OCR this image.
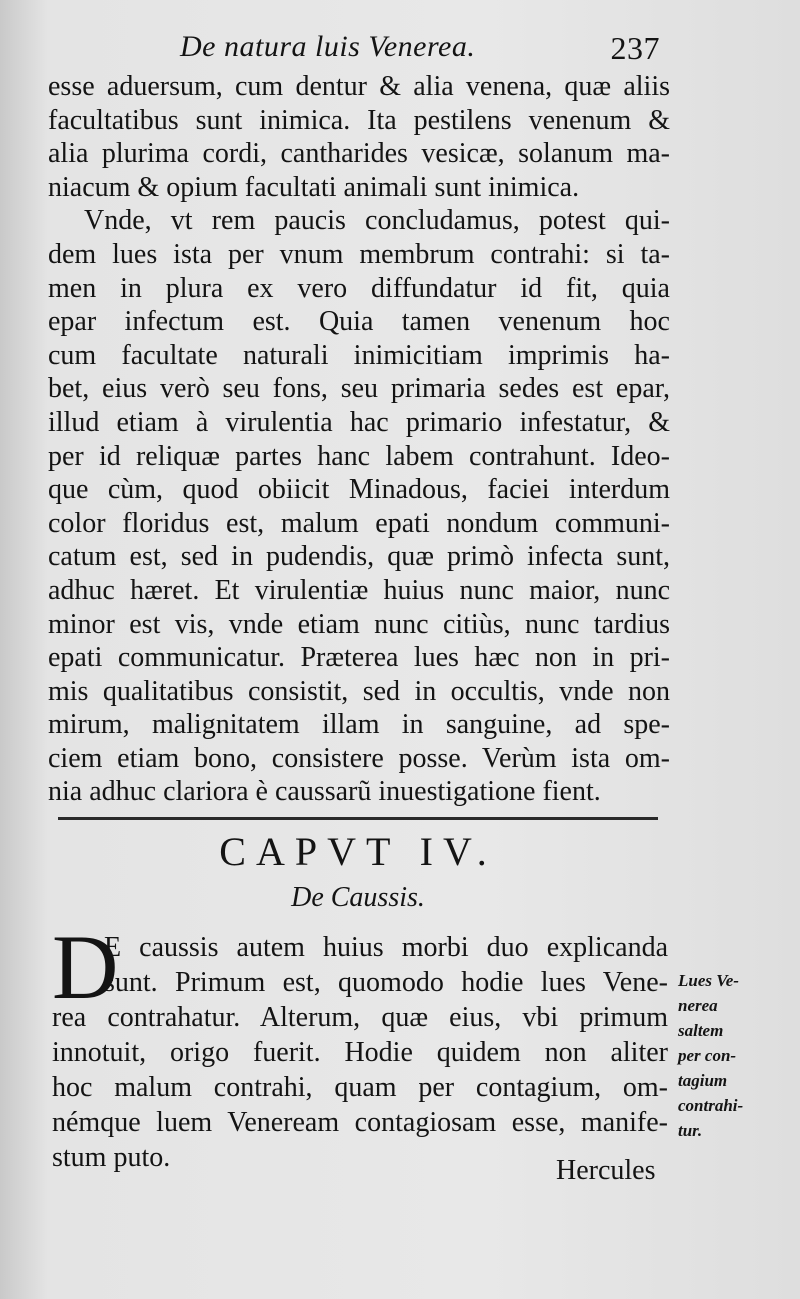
De natura luis Venerea.	237
esse aduersum, cum dentur & alia venena, quæ aliis
facultatibus sunt inimica. Ita pestilens venenum &
alia plurima cordi, cantharides vesicæ, solanum ma-
niacum & opium facultati animali sunt inimica.
Vnde, vt rem paucis concludamus, potest qui-
dem lues ista per vnum membrum contrahi: si ta-
men in plura ex vero diffundatur id fit, quia
epar infectum est. Quia tamen venenum hoc
cum facultate naturali inimicitiam imprimis ha-
bet, eius verò seu fons, seu primaria sedes est epar,
illud etiam à virulentia hac primario infestatur, &
per id reliquæ partes hanc labem contrahunt. Ideo-
que cùm, quod obiicit Minadous, faciei interdum
color floridus est, malum epati nondum communi-
catum est, sed in pudendis, quæ primò infecta sunt,
adhuc hæret. Et virulentiæ huius nunc maior, nunc
minor est vis, vnde etiam nunc citiùs, nunc tardius
epati communicatur. Præterea lues hæc non in pri-
mis qualitatibus consistit, sed in occultis, vnde non
mirum, malignitatem illam in sanguine, ad spe-
ciem etiam bono, consistere posse. Verùm ista om-
nia adhuc clariora è caussarũ inuestigatione fient.
CAPVT IV.
De Caussis.
D
E caussis autem huius morbi duo explicanda
sunt. Primum est, quomodo hodie lues Vene-
rea contrahatur. Alterum, quæ eius, vbi primum
innotuit, origo fuerit. Hodie quidem non aliter
hoc malum contrahi, quam per contagium, om-
némque luem Veneream contagiosam esse, manife-
stum puto.	Hercules
Lues Ve-
nerea
saltem
per con-
tagium
contrahi-
tur.
